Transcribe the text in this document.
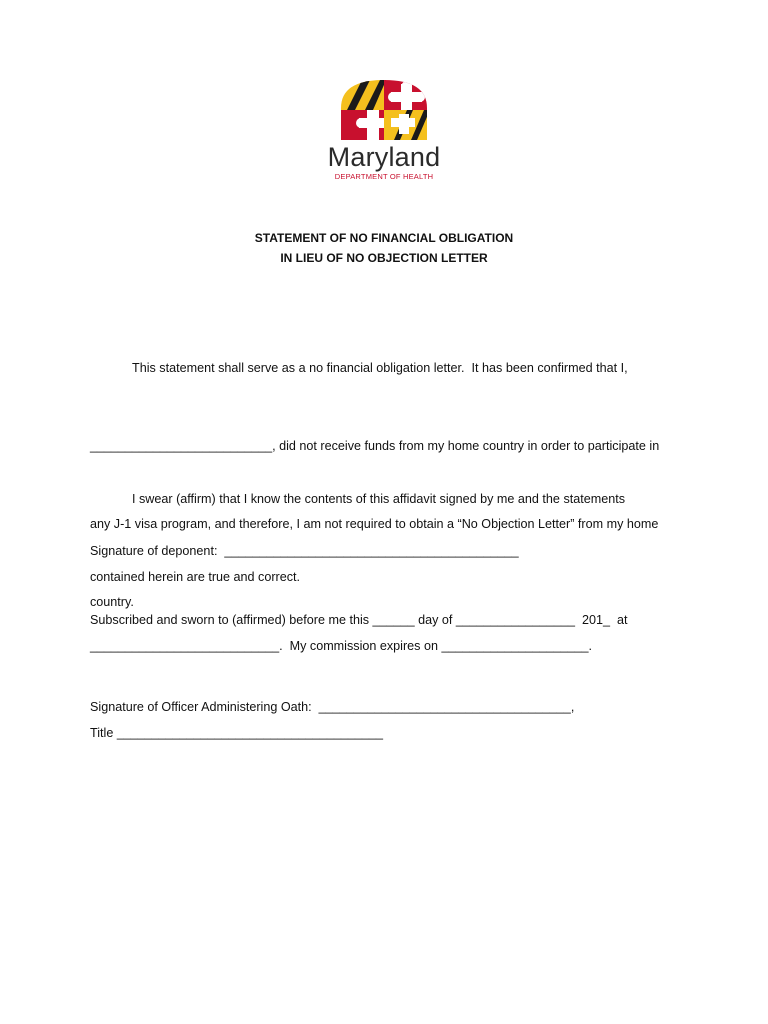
Maryland
DEPARTMENT OF HEALTH
STATEMENT OF NO FINANCIAL OBLIGATION
IN LIEU OF NO OBJECTION LETTER

This statement shall serve as a no financial obligation letter.  It has been confirmed that I,

__________________________, did not receive funds from my home country in order to participate in

any J-1 visa program, and therefore, I am not required to obtain a “No Objection Letter” from my home

country.

I swear (affirm) that I know the contents of this affidavit signed by me and the statements

contained herein are true and correct.

Signature of deponent:  __________________________________________
Subscribed and sworn to (affirmed) before me this ______ day of _________________  201_  at
___________________________.  My commission expires on _____________________.
Signature of Officer Administering Oath:  ____________________________________,
Title ______________________________________
